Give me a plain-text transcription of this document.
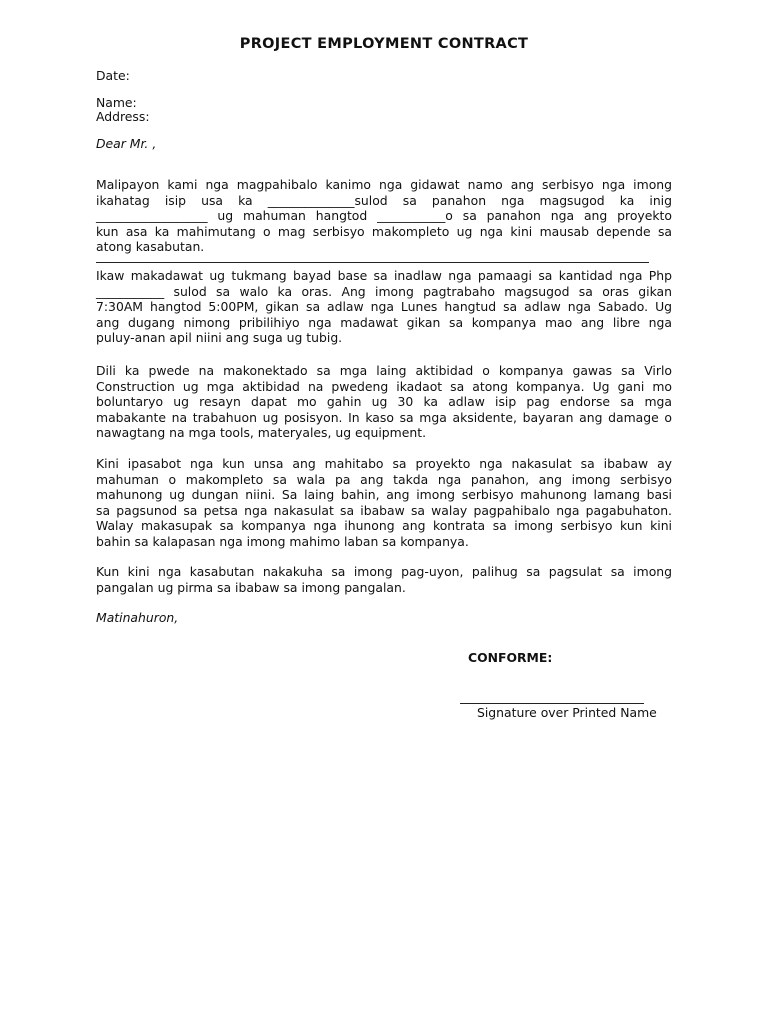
PROJECT EMPLOYMENT CONTRACT
Date:
Name:
Address:
Dear Mr. ,
Malipayon kami nga magpahibalo kanimo nga gidawat namo ang serbisyo nga imong
ikahatag isip usa ka ______________sulod sa panahon nga magsugod ka inig
__________________ ug mahuman hangtod ___________o sa panahon nga ang proyekto
kun asa ka mahimutang o mag serbisyo makompleto ug nga kini mausab depende sa
atong kasabutan.
Ikaw makadawat ug tukmang bayad base sa inadlaw nga pamaagi sa kantidad nga Php
___________ sulod sa walo ka oras. Ang imong pagtrabaho magsugod sa oras gikan
7:30AM hangtod 5:00PM, gikan sa adlaw nga Lunes hangtud sa adlaw nga Sabado. Ug
ang dugang nimong pribilihiyo nga madawat gikan sa kompanya mao ang libre nga
puluy-anan apil niini ang suga ug tubig.
Dili ka pwede na makonektado sa mga laing aktibidad o kompanya gawas sa Virlo
Construction ug mga aktibidad na pwedeng ikadaot sa atong kompanya. Ug gani mo
boluntaryo ug resayn dapat mo gahin ug 30 ka adlaw isip pag endorse sa mga
mabakante na trabahuon ug posisyon. In kaso sa mga aksidente, bayaran ang damage o
nawagtang na mga tools, materyales, ug equipment.
Kini ipasabot nga kun unsa ang mahitabo sa proyekto nga nakasulat sa ibabaw ay
mahuman o makompleto sa wala pa ang takda nga panahon, ang imong serbisyo
mahunong ug dungan niini. Sa laing bahin, ang imong serbisyo mahunong lamang basi
sa pagsunod sa petsa nga nakasulat sa ibabaw sa walay pagpahibalo nga pagabuhaton.
Walay makasupak sa kompanya nga ihunong ang kontrata sa imong serbisyo kun kini
bahin sa kalapasan nga imong mahimo laban sa kompanya.
Kun kini nga kasabutan nakakuha sa imong pag-uyon, palihug sa pagsulat sa imong
pangalan ug pirma sa ibabaw sa imong pangalan.
Matinahuron,
CONFORME:
Signature over Printed Name
